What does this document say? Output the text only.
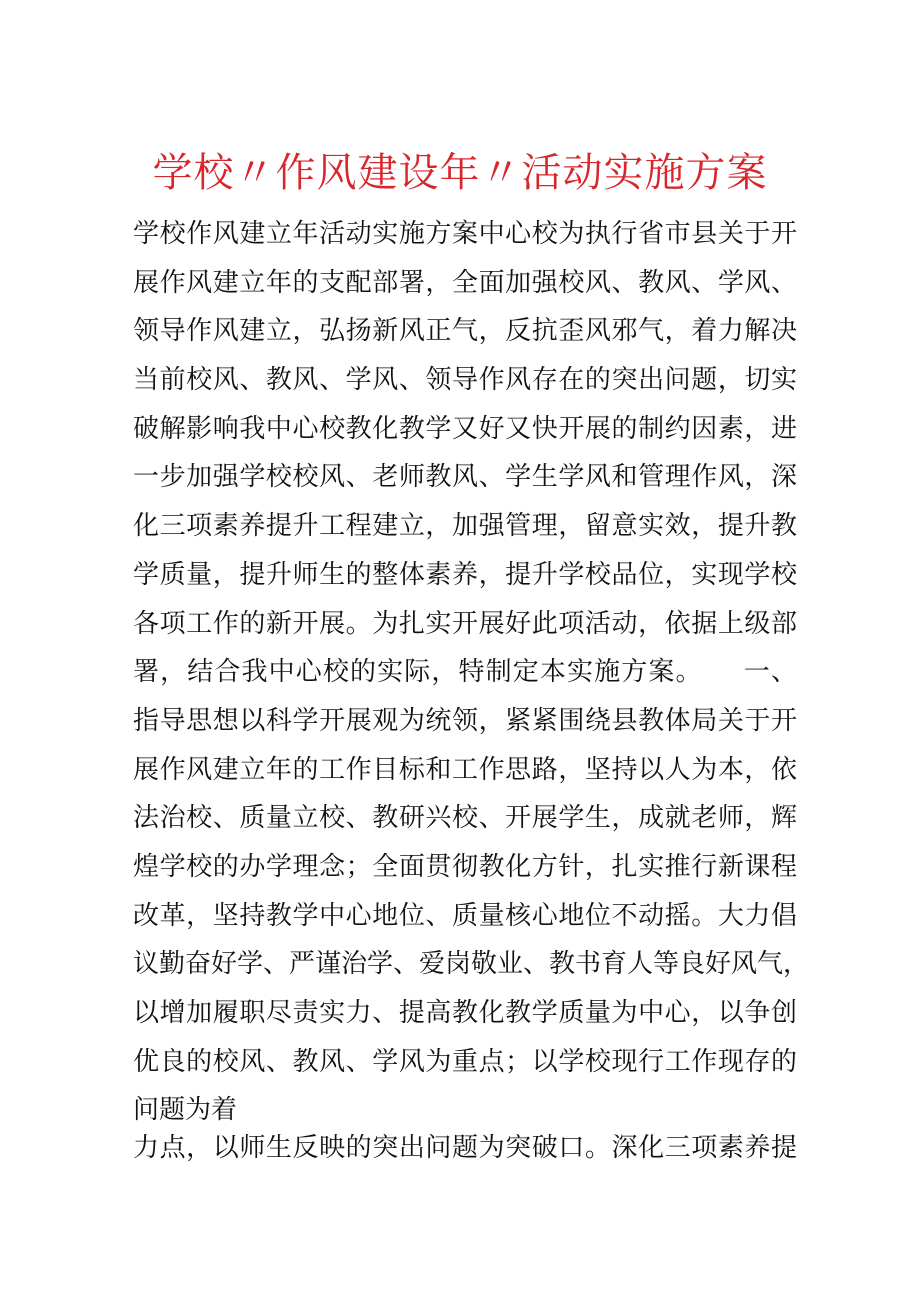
学校〃作风建设年〃活动实施方案
学校作风建立年活动实施方案中心校为执行省市县关于开
展作风建立年的支配部署，全面加强校风、教风、学风、
领导作风建立，弘扬新风正气，反抗歪风邪气，着力解决
当前校风、教风、学风、领导作风存在的突出问题，切实
破解影响我中心校教化教学又好又快开展的制约因素，进
一步加强学校校风、老师教风、学生学风和管理作风，深
化三项素养提升工程建立，加强管理，留意实效，提升教
学质量，提升师生的整体素养，提升学校品位，实现学校
各项工作的新开展。为扎实开展好此项活动，依据上级部
署，结合我中心校的实际，特制定本实施方案。　　一、
指导思想以科学开展观为统领，紧紧围绕县教体局关于开
展作风建立年的工作目标和工作思路，坚持以人为本，依
法治校、质量立校、教研兴校、开展学生，成就老师，辉
煌学校的办学理念；全面贯彻教化方针，扎实推行新课程
改革，坚持教学中心地位、质量核心地位不动摇。大力倡
议勤奋好学、严谨治学、爱岗敬业、教书育人等良好风气，
以增加履职尽责实力、提高教化教学质量为中心，以争创
优良的校风、教风、学风为重点；以学校现行工作现存的
问题为着
力点，以师生反映的突出问题为突破口。深化三项素养提
